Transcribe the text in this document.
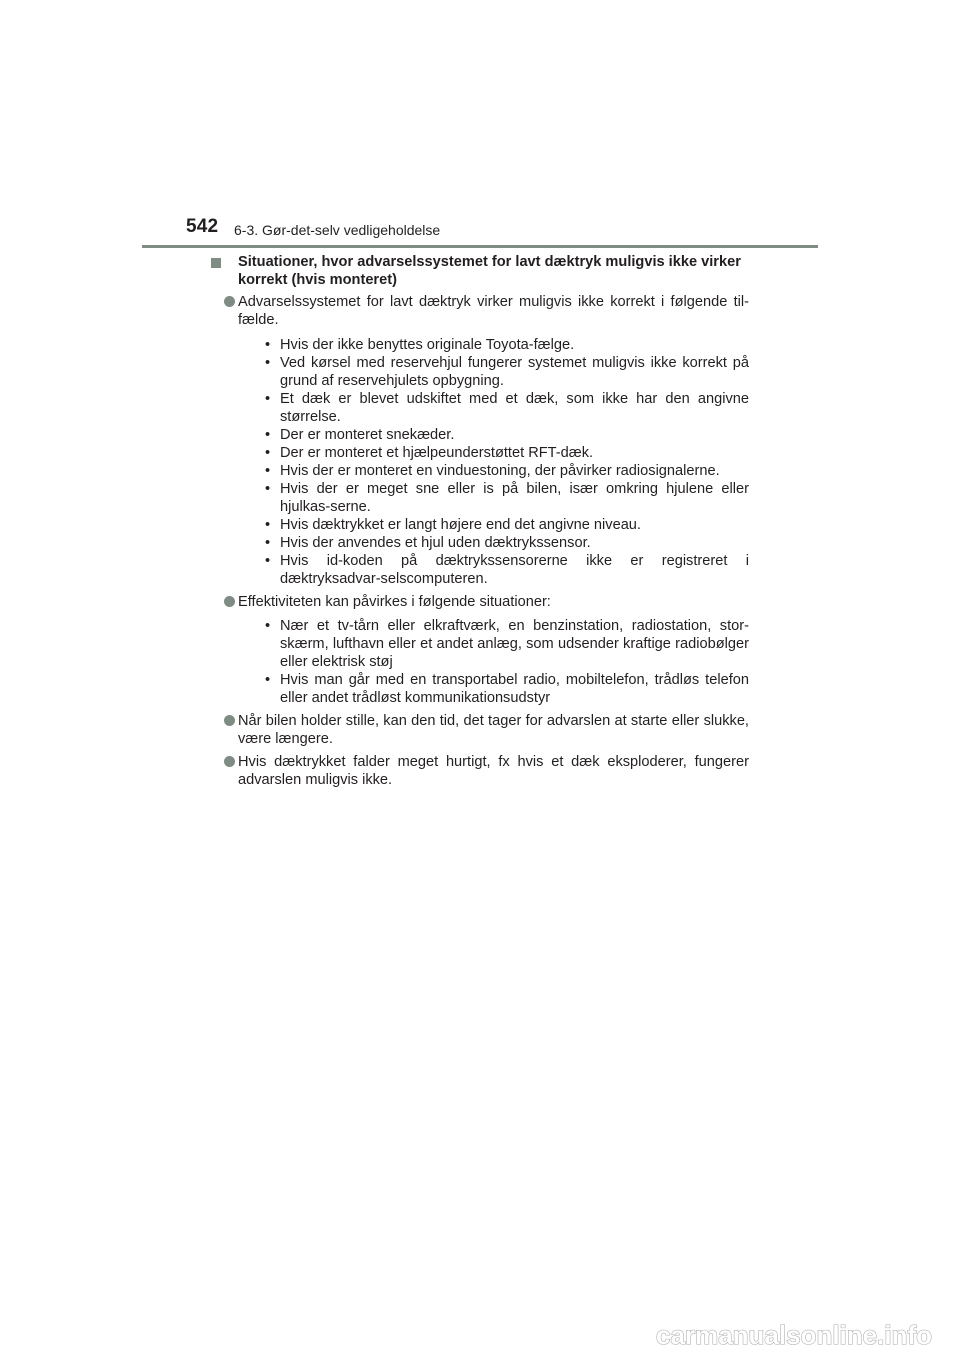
542 6-3. Gør-det-selv vedligeholdelse
Situationer, hvor advarselssystemet for lavt dæktryk muligvis ikke virker korrekt (hvis monteret)
Advarselssystemet for lavt dæktryk virker muligvis ikke korrekt i følgende til-fælde.
• Hvis der ikke benyttes originale Toyota-fælge.
• Ved kørsel med reservehjul fungerer systemet muligvis ikke korrekt på grund af reservehjulets opbygning.
• Et dæk er blevet udskiftet med et dæk, som ikke har den angivne størrelse.
• Der er monteret snekæder.
• Der er monteret et hjælpeunderstøttet RFT-dæk.
• Hvis der er monteret en vinduestoning, der påvirker radiosignalerne.
• Hvis der er meget sne eller is på bilen, især omkring hjulene eller hjulkas-serne.
• Hvis dæktrykket er langt højere end det angivne niveau.
• Hvis der anvendes et hjul uden dæktrykssensor.
• Hvis id-koden på dæktrykssensorerne ikke er registreret i dæktryksadvar-selscomputeren.
Effektiviteten kan påvirkes i følgende situationer:
• Nær et tv-tårn eller elkraftværk, en benzinstation, radiostation, stor-skærm, lufthavn eller et andet anlæg, som udsender kraftige radiobølger eller elektrisk støj
• Hvis man går med en transportabel radio, mobiltelefon, trådløs telefon eller andet trådløst kommunikationsudstyr
Når bilen holder stille, kan den tid, det tager for advarslen at starte eller slukke, være længere.
Hvis dæktrykket falder meget hurtigt, fx hvis et dæk eksploderer, fungerer advarslen muligvis ikke.
carmanualsonline.info
